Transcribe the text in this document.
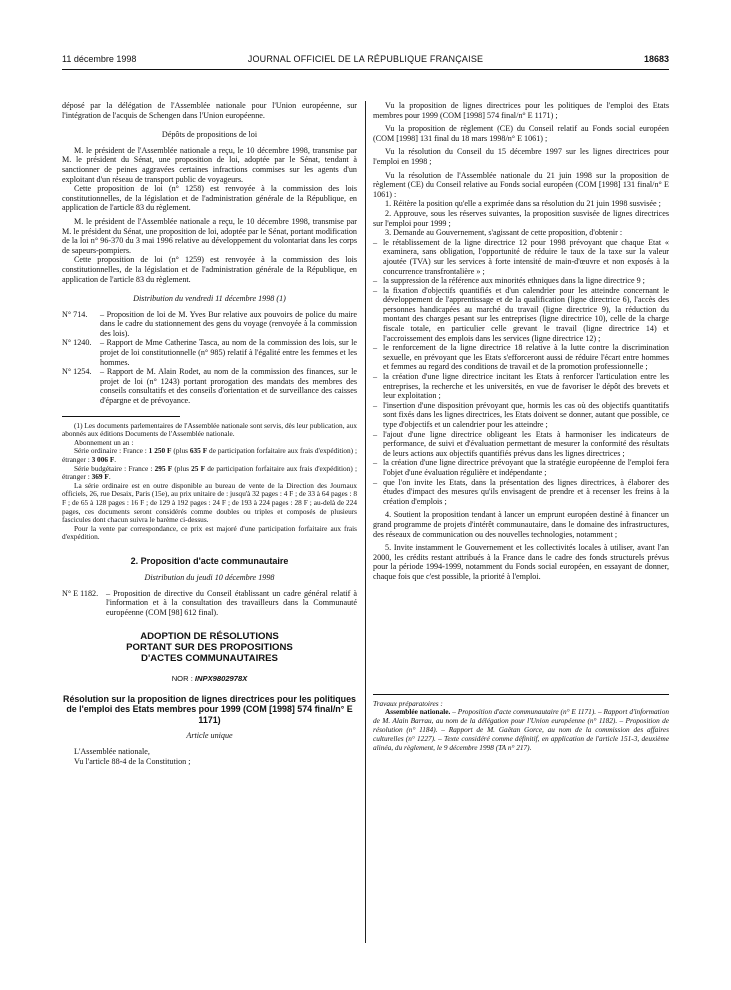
11 décembre 1998	JOURNAL OFFICIEL DE LA RÉPUBLIQUE FRANÇAISE	18683

déposé par la délégation de l'Assemblée nationale pour l'Union européenne, sur l'intégration de l'acquis de Schengen dans l'Union européenne.

Dépôts de propositions de loi

M. le président de l'Assemblée nationale a reçu, le 10 décembre 1998, transmise par M. le président du Sénat, une proposition de loi, adoptée par le Sénat, tendant à sanctionner de peines aggravées certaines infractions commises sur les agents d'un exploitant d'un réseau de transport public de voyageurs.

Cette proposition de loi (n° 1258) est renvoyée à la commission des lois constitutionnelles, de la législation et de l'administration générale de la République, en application de l'article 83 du règlement.

M. le président de l'Assemblée nationale a reçu, le 10 décembre 1998, transmise par M. le président du Sénat, une proposition de loi, adoptée par le Sénat, portant modification de la loi n° 96-370 du 3 mai 1996 relative au développement du volontariat dans les corps de sapeurs-pompiers.

Cette proposition de loi (n° 1259) est renvoyée à la commission des lois constitutionnelles, de la législation et de l'administration générale de la République, en application de l'article 83 du règlement.

Distribution du vendredi 11 décembre 1998 (1)

N° 714.	– Proposition de loi de M. Yves Bur relative aux pouvoirs de police du maire dans le cadre du stationnement des gens du voyage (renvoyée à la commission des lois).
N° 1240.	– Rapport de Mme Catherine Tasca, au nom de la commission des lois, sur le projet de loi constitutionnelle (n° 985) relatif à l'égalité entre les femmes et les hommes.
N° 1254.	– Rapport de M. Alain Rodet, au nom de la commission des finances, sur le projet de loi (n° 1243) portant prorogation des mandats des membres des conseils consultatifs et des conseils d'orientation et de surveillance des caisses d'épargne et de prévoyance.

(1) Les documents parlementaires de l'Assemblée nationale sont servis, dès leur publication, aux abonnés aux éditions Documents de l'Assemblée nationale.

Abonnement un an :

Série ordinaire : France : 1 250 F (plus 635 F de participation forfaitaire aux frais d'expédition) ; étranger : 3 006 F.

Série budgétaire : France : 295 F (plus 25 F de participation forfaitaire aux frais d'expédition) ; étranger : 369 F.

La série ordinaire est en outre disponible au bureau de vente de la Direction des Journaux officiels, 26, rue Desaix, Paris (15e), au prix unitaire de : jusqu'à 32 pages : 4 F ; de 33 à 64 pages : 8 F ; de 65 à 128 pages : 16 F ; de 129 à 192 pages : 24 F ; de 193 à 224 pages : 28 F ; au-delà de 224 pages, ces documents seront considérés comme doubles ou triples et composés de plusieurs fascicules dont chacun suivra le barème ci-dessus.

Pour la vente par correspondance, ce prix est majoré d'une participation forfaitaire aux frais d'expédition.

2. Proposition d'acte communautaire

Distribution du jeudi 10 décembre 1998

N° E 1182. – Proposition de directive du Conseil établissant un cadre général relatif à l'information et à la consultation des travailleurs dans la Communauté européenne (COM [98] 612 final).

ADOPTION DE RÉSOLUTIONS

PORTANT SUR DES PROPOSITIONS

D'ACTES COMMUNAUTAIRES

NOR : INPX9802978X

Résolution sur la proposition de lignes directrices pour les politiques de l'emploi des Etats membres pour 1999 (COM [1998] 574 final/n° E 1171)

Article unique

L'Assemblée nationale,

Vu l'article 88-4 de la Constitution ;

Vu la proposition de lignes directrices pour les politiques de l'emploi des Etats membres pour 1999 (COM [1998] 574 final/n° E 1171) ;

Vu la proposition de règlement (CE) du Conseil relatif au Fonds social européen (COM [1998] 131 final du 18 mars 1998/n° E 1061) ;

Vu la résolution du Conseil du 15 décembre 1997 sur les lignes directrices pour l'emploi en 1998 ;

Vu la résolution de l'Assemblée nationale du 21 juin 1998 sur la proposition de règlement (CE) du Conseil relative au Fonds social européen (COM [1998] 131 final/n° E 1061) :

1. Réitère la position qu'elle a exprimée dans sa résolution du 21 juin 1998 susvisée ;

2. Approuve, sous les réserves suivantes, la proposition susvisée de lignes directrices sur l'emploi pour 1999 ;

3. Demande au Gouvernement, s'agissant de cette proposition, d'obtenir :

– le rétablissement de la ligne directrice 12 pour 1998 prévoyant que chaque Etat « examinera, sans obligation, l'opportunité de réduire le taux de la taxe sur la valeur ajoutée (TVA) sur les services à forte intensité de main-d'œuvre et non exposés à la concurrence transfrontalière » ;
– la suppression de la référence aux minorités ethniques dans la ligne directrice 9 ;
– la fixation d'objectifs quantifiés et d'un calendrier pour les atteindre concernant le développement de l'apprentissage et de la qualification (ligne directrice 6), l'accès des personnes handicapées au marché du travail (ligne directrice 9), la réduction du montant des charges pesant sur les entreprises (ligne directrice 10), celle de la charge fiscale totale, en particulier celle grevant le travail (ligne directrice 14) et l'accroissement des emplois dans les services (ligne directrice 12) ;
– le renforcement de la ligne directrice 18 relative à la lutte contre la discrimination sexuelle, en prévoyant que les Etats s'efforceront aussi de réduire l'écart entre hommes et femmes au regard des conditions de travail et de la promotion professionnelle ;
– la création d'une ligne directrice incitant les Etats à renforcer l'articulation entre les entreprises, la recherche et les universités, en vue de favoriser le dépôt des brevets et leur exploitation ;
– l'insertion d'une disposition prévoyant que, hormis les cas où des objectifs quantitatifs sont fixés dans les lignes directrices, les Etats doivent se donner, autant que possible, ce type d'objectifs et un calendrier pour les atteindre ;
– l'ajout d'une ligne directrice obligeant les Etats à harmoniser les indicateurs de performance, de suivi et d'évaluation permettant de mesurer la conformité des résultats de leurs actions aux objectifs quantifiés prévus dans les lignes directrices ;
– la création d'une ligne directrice prévoyant que la stratégie européenne de l'emploi fera l'objet d'une évaluation régulière et indépendante ;
– que l'on invite les Etats, dans la présentation des lignes directrices, à élaborer des études d'impact des mesures qu'ils envisagent de prendre et à recenser les freins à la création d'emplois ;

4. Soutient la proposition tendant à lancer un emprunt européen destiné à financer un grand programme de projets d'intérêt communautaire, dans le domaine des infrastructures, des réseaux de communication ou des nouvelles technologies, notamment ;

5. Invite instamment le Gouvernement et les collectivités locales à utiliser, avant l'an 2000, les crédits restant attribués à la France dans le cadre des fonds structurels prévus pour la période 1994-1999, notamment du Fonds social européen, en essayant de donner, chaque fois que c'est possible, la priorité à l'emploi.

Travaux préparatoires :

Assemblée nationale. – Proposition d'acte communautaire (n° E 1171). – Rapport d'information de M. Alain Barrau, au nom de la délégation pour l'Union européenne (n° 1182). – Proposition de résolution (n° 1184). – Rapport de M. Gaëtan Gorce, au nom de la commission des affaires culturelles (n° 1227). – Texte considéré comme définitif, en application de l'article 151-3, deuxième alinéa, du règlement, le 9 décembre 1998 (TA n° 217).
